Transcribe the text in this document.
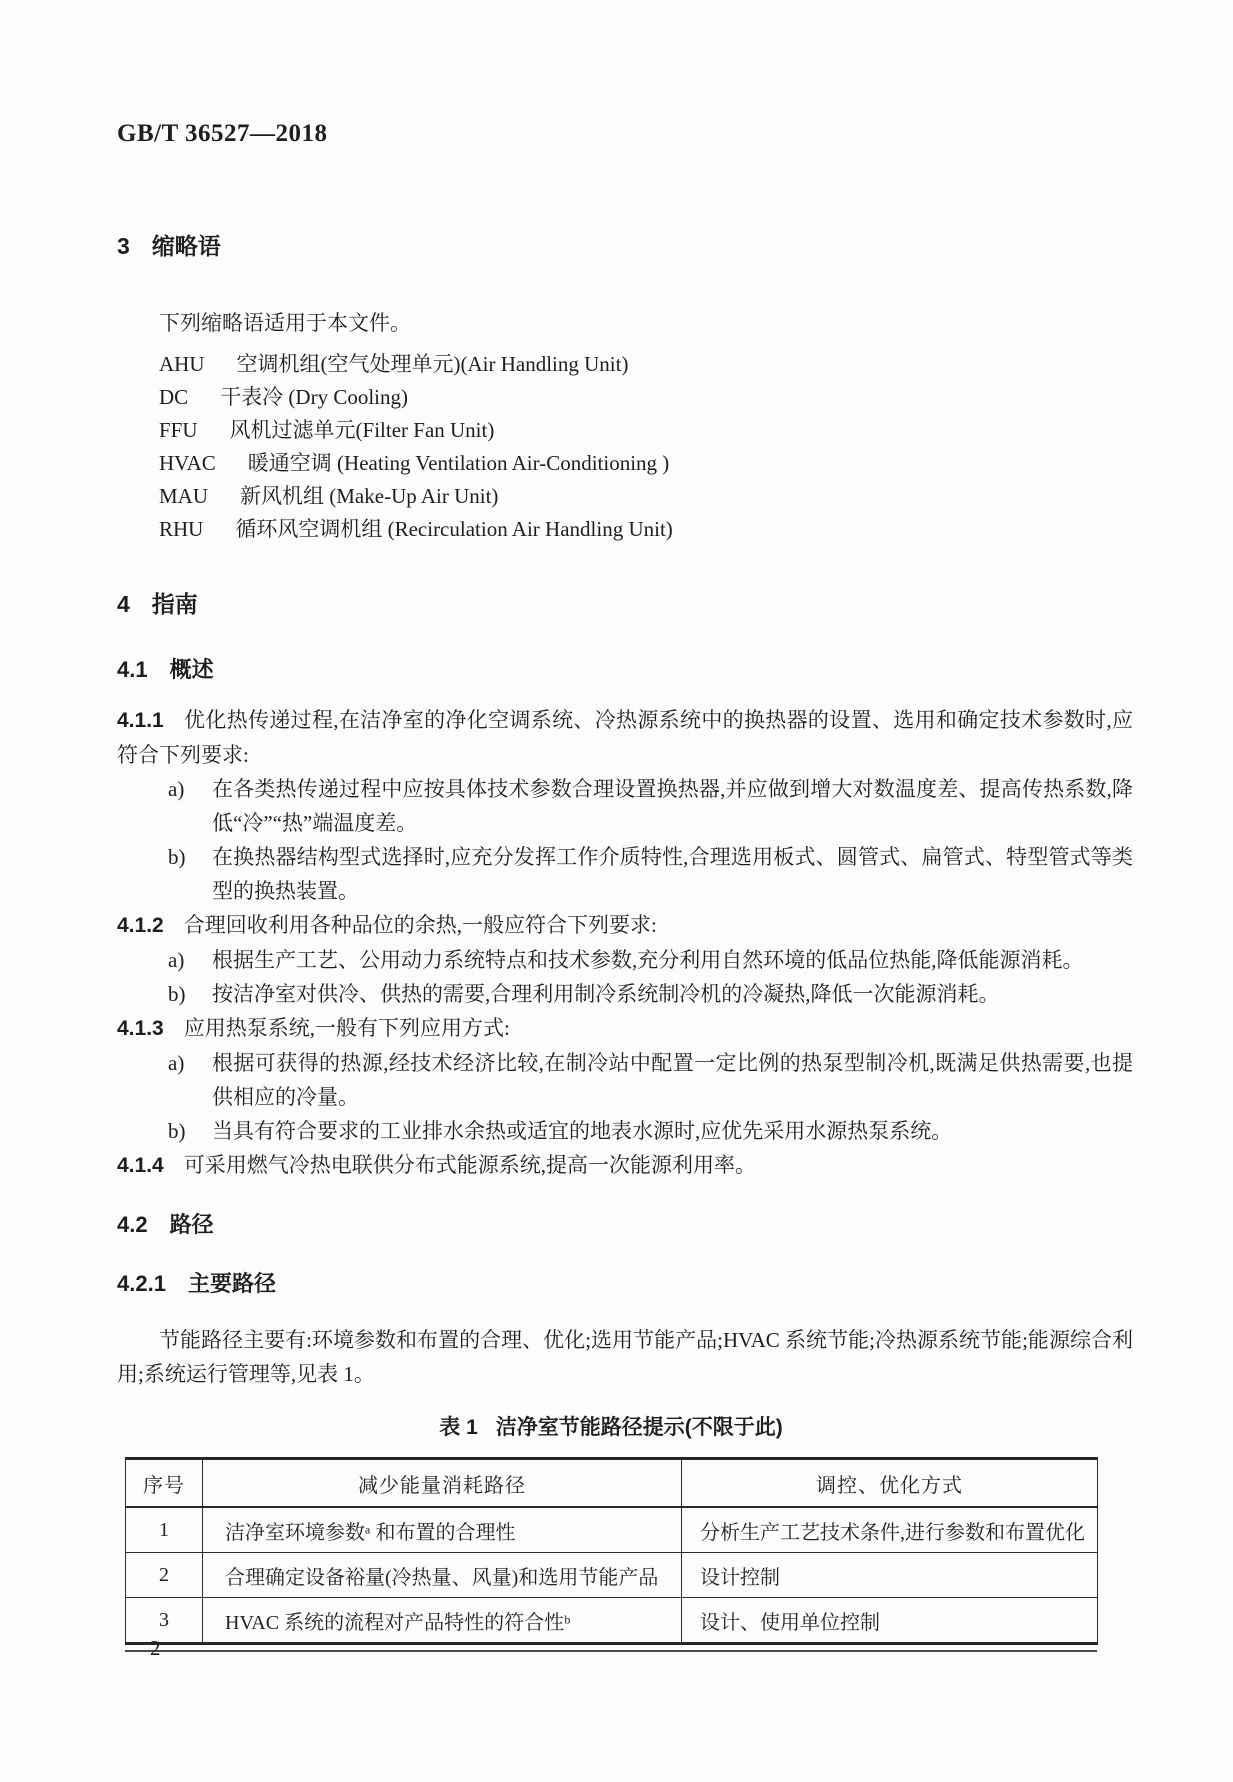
GB/T 36527—2018
3 缩略语
下列缩略语适用于本文件。
AHU 空调机组(空气处理单元)(Air Handling Unit)
DC 干表冷 (Dry Cooling)
FFU 风机过滤单元(Filter Fan Unit)
HVAC 暖通空调 (Heating Ventilation Air-Conditioning )
MAU 新风机组 (Make-Up Air Unit)
RHU 循环风空调机组 (Recirculation Air Handling Unit)
4 指南
4.1 概述
4.1.1 优化热传递过程,在洁净室的净化空调系统、冷热源系统中的换热器的设置、选用和确定技术参数时,应符合下列要求:
a) 在各类热传递过程中应按具体技术参数合理设置换热器,并应做到增大对数温度差、提高传热系数,降低“冷”“热”端温度差。
b) 在换热器结构型式选择时,应充分发挥工作介质特性,合理选用板式、圆管式、扁管式、特型管式等类型的换热装置。
4.1.2 合理回收利用各种品位的余热,一般应符合下列要求:
a) 根据生产工艺、公用动力系统特点和技术参数,充分利用自然环境的低品位热能,降低能源消耗。
b) 按洁净室对供冷、供热的需要,合理利用制冷系统制冷机的冷凝热,降低一次能源消耗。
4.1.3 应用热泵系统,一般有下列应用方式:
a) 根据可获得的热源,经技术经济比较,在制冷站中配置一定比例的热泵型制冷机,既满足供热需要,也提供相应的冷量。
b) 当具有符合要求的工业排水余热或适宜的地表水源时,应优先采用水源热泵系统。
4.1.4 可采用燃气冷热电联供分布式能源系统,提高一次能源利用率。
4.2 路径
4.2.1 主要路径
节能路径主要有:环境参数和布置的合理、优化;选用节能产品;HVAC 系统节能;冷热源系统节能;能源综合利用;系统运行管理等,见表 1。
表 1 洁净室节能路径提示(不限于此)
序号	减少能量消耗路径	调控、优化方式
1	洁净室环境参数ᵃ 和布置的合理性	分析生产工艺技术条件,进行参数和布置优化
2	合理确定设备裕量(冷热量、风量)和选用节能产品	设计控制
3	HVAC 系统的流程对产品特性的符合性ᵇ	设计、使用单位控制
2
